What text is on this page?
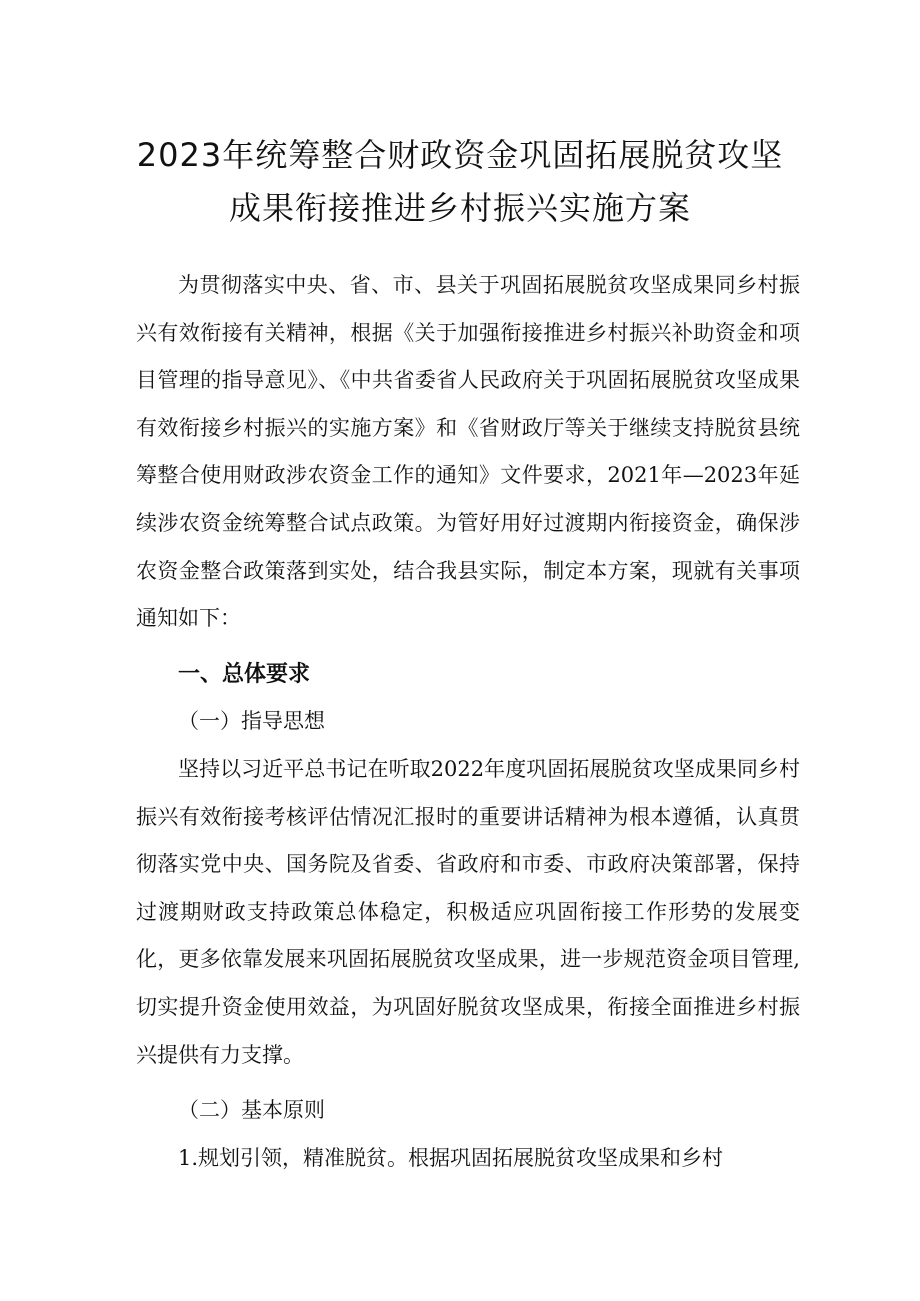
2023年统筹整合财政资金巩固拓展脱贫攻坚
成果衔接推进乡村振兴实施方案

为贯彻落实中央、省、市、县关于巩固拓展脱贫攻坚成果同乡村振兴有效衔接有关精神，根据《关于加强衔接推进乡村振兴补助资金和项目管理的指导意见》、《中共省委省人民政府关于巩固拓展脱贫攻坚成果有效衔接乡村振兴的实施方案》和《省财政厅等关于继续支持脱贫县统筹整合使用财政涉农资金工作的通知》文件要求，2021年—2023年延续涉农资金统筹整合试点政策。为管好用好过渡期内衔接资金，确保涉农资金整合政策落到实处，结合我县实际，制定本方案，现就有关事项通知如下：

一、总体要求
（一）指导思想

坚持以习近平总书记在听取2022年度巩固拓展脱贫攻坚成果同乡村振兴有效衔接考核评估情况汇报时的重要讲话精神为根本遵循，认真贯彻落实党中央、国务院及省委、省政府和市委、市政府决策部署，保持过渡期财政支持政策总体稳定，积极适应巩固衔接工作形势的发展变化，更多依靠发展来巩固拓展脱贫攻坚成果，进一步规范资金项目管理,切实提升资金使用效益，为巩固好脱贫攻坚成果，衔接全面推进乡村振兴提供有力支撑。

（二）基本原则

1.规划引领，精准脱贫。根据巩固拓展脱贫攻坚成果和乡村
